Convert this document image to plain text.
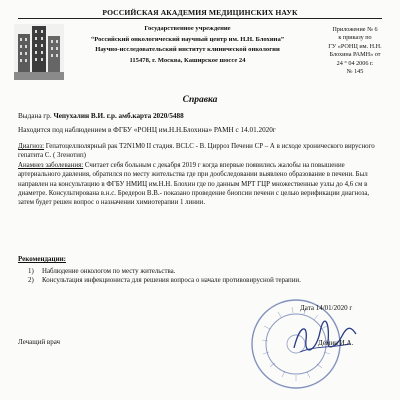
РОССИЙСКАЯ АКАДЕМИЯ МЕДИЦИНСКИХ НАУК
Государственное учреждение
“Российский онкологический научный центр им. Н.Н. Блохина”
Научно-исследовательский институт клинической онкологии
115478, г. Москва, Каширское шоссе 24
Приложение № 6
к приказу по
ГУ «РОНЦ им. Н.Н.
Блохина РАМН» от
24 ° 04 2006 г.
№ 145
Справка
Выдана гр. Чепухалин В.И. г.р. амб.карта 2020/5488
Находится под наблюдением в ФГБУ «РОНЦ им.Н.Н.Блохина» РАМН с 14.01.2020г
Диагноз: Гепатоцеллюлярный рак T2N1M0 II стадия. BCLC - B. Цирроз Печени СР – А в исходе хронического вирусного гепатита С. ( 3генотип)
Анамнез заболевания: Считает себя больным с декабря 2019 г когда впервые появились жалобы на повышение артериального давления, обратился по месту жительства где при дообследовании выявлено образование в печени. Был направлен на консультацию в ФГБУ НМИЦ им.Н.Н. Блохин где по данным МРТ ГЦР множественные узлы до 4,6 см в диаметре. Консультирована в.н.с. Бредерон В.В.- показано проведение биопсии печени с целью верификации диагноза, затем будет решен вопрос о назначении химиотерапии 1 линии.
Рекомендации:
1)	Наблюдение онкологом по месту жительства.
2)	Консультация инфекциониста для решения вопроса о начале противовирусной терапии.
Дата 14/01/2020 г
Лечащий врач	Демин И.А.
